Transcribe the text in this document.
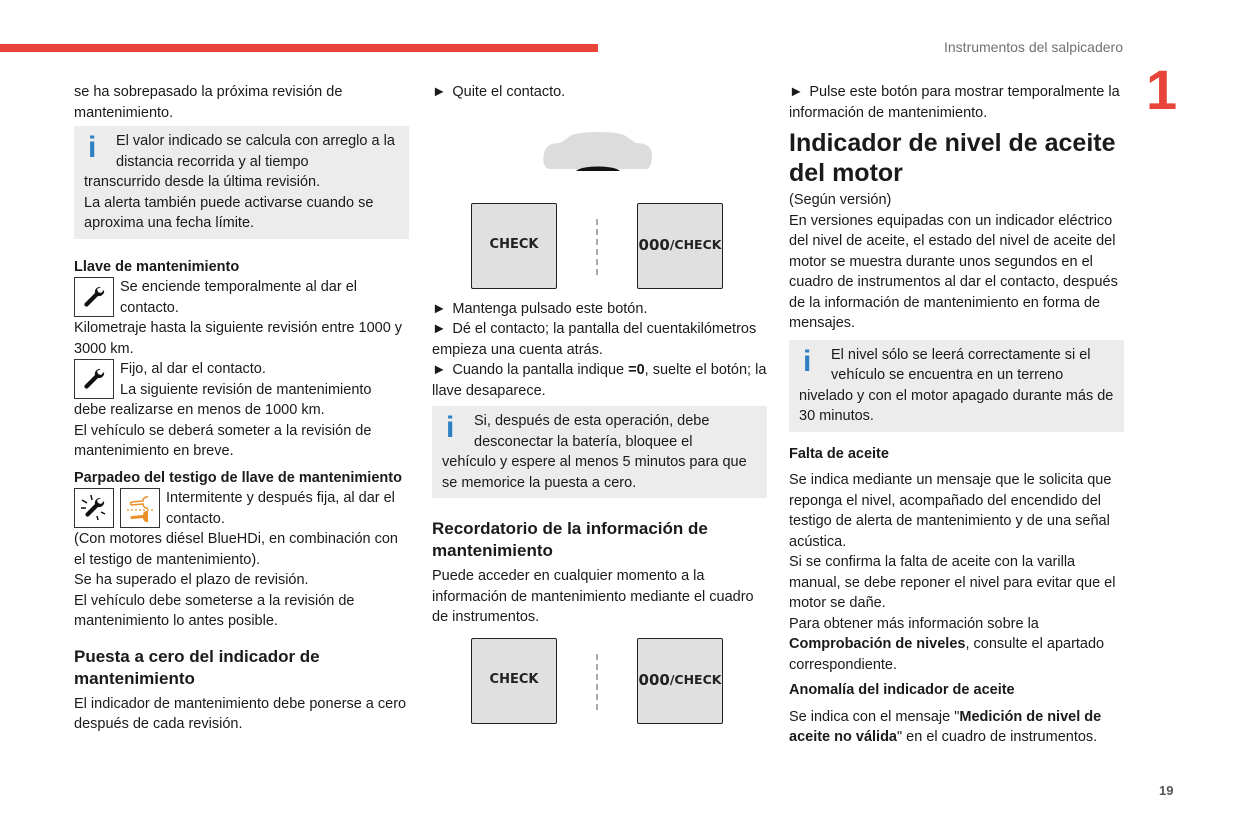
Instrumentos del salpicadero
1
19

se ha sobrepasado la próxima revisión de mantenimiento.

i	El valor indicado se calcula con arreglo a la distancia recorrida y al tiempo

transcurrido desde la última revisión.

La alerta también puede activarse cuando se aproxima una fecha límite.

Llave de mantenimiento

Se enciende temporalmente al dar el contacto.

Kilometraje hasta la siguiente revisión entre 1000 y 3000 km.

Fijo, al dar el contacto.

La siguiente revisión de mantenimiento

debe realizarse en menos de 1000 km.

El vehículo se deberá someter a la revisión de mantenimiento en breve.

Parpadeo del testigo de llave de mantenimiento

Intermitente y después fija, al dar el contacto.

(Con motores diésel BlueHDi, en combinación con el testigo de mantenimiento).

Se ha superado el plazo de revisión.

El vehículo debe someterse a la revisión de mantenimiento lo antes posible.

Puesta a cero del indicador de mantenimiento

El indicador de mantenimiento debe ponerse a cero después de cada revisión.

► Quite el contacto.

CHECK	000 /CHECK

► Mantenga pulsado este botón.

► Dé el contacto; la pantalla del cuentakilómetros empieza una cuenta atrás.

► Cuando la pantalla indique =0, suelte el botón; la llave desaparece.

i	Si, después de esta operación, debe desconectar la batería, bloquee el

vehículo y espere al menos 5 minutos para que se memorice la puesta a cero.

Recordatorio de la información de mantenimiento

Puede acceder en cualquier momento a la información de mantenimiento mediante el cuadro de instrumentos.

CHECK	000 /CHECK

► Pulse este botón para mostrar temporalmente la información de mantenimiento.

Indicador de nivel de aceite del motor

(Según versión)

En versiones equipadas con un indicador eléctrico del nivel de aceite, el estado del nivel de aceite del motor se muestra durante unos segundos en el cuadro de instrumentos al dar el contacto, después de la información de mantenimiento en forma de mensajes.

i	El nivel sólo se leerá correctamente si el vehículo se encuentra en un terreno

nivelado y con el motor apagado durante más de 30 minutos.

Falta de aceite

Se indica mediante un mensaje que le solicita que reponga el nivel, acompañado del encendido del testigo de alerta de mantenimiento y de una señal acústica.

Si se confirma la falta de aceite con la varilla manual, se debe reponer el nivel para evitar que el motor se dañe.

Para obtener más información sobre la Comprobación de niveles, consulte el apartado correspondiente.

Anomalía del indicador de aceite

Se indica con el mensaje "Medición de nivel de aceite no válida" en el cuadro de instrumentos.
